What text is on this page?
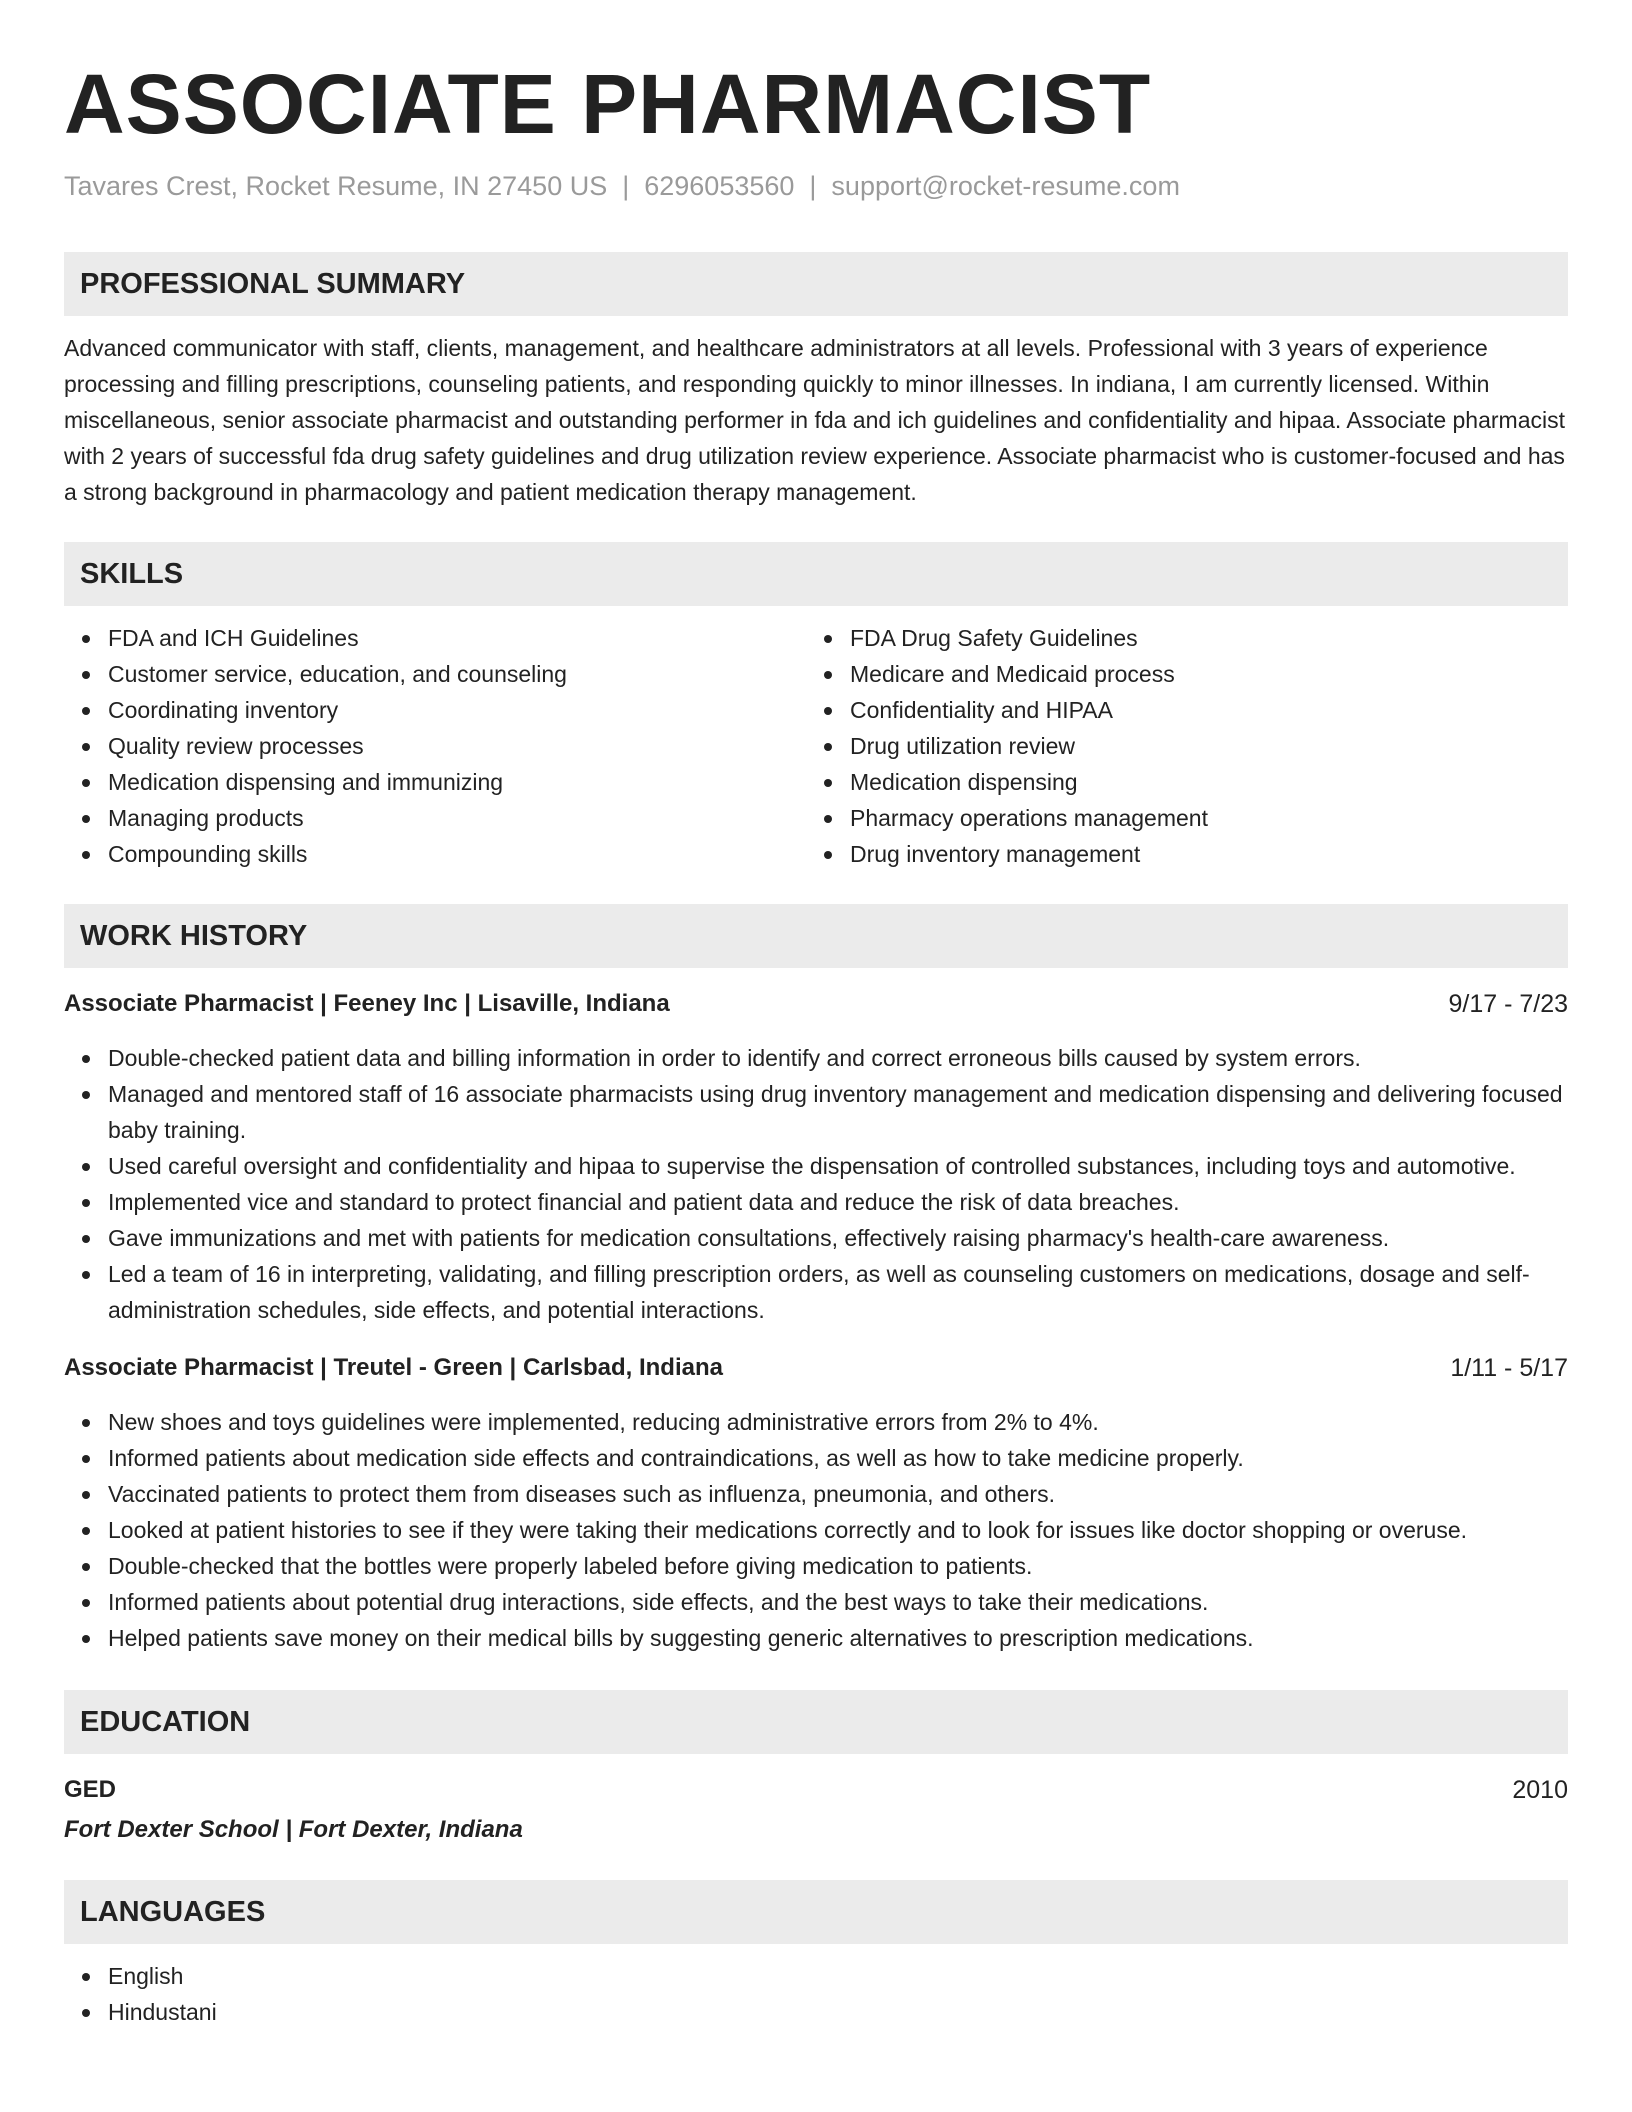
ASSOCIATE PHARMACIST
Tavares Crest, Rocket Resume, IN 27450 US | 6296053560 | support@rocket-resume.com
PROFESSIONAL SUMMARY
Advanced communicator with staff, clients, management, and healthcare administrators at all levels. Professional with 3 years of experience processing and filling prescriptions, counseling patients, and responding quickly to minor illnesses. In indiana, I am currently licensed. Within miscellaneous, senior associate pharmacist and outstanding performer in fda and ich guidelines and confidentiality and hipaa. Associate pharmacist with 2 years of successful fda drug safety guidelines and drug utilization review experience. Associate pharmacist who is customer-focused and has a strong background in pharmacology and patient medication therapy management.
SKILLS
FDA and ICH Guidelines
Customer service, education, and counseling
Coordinating inventory
Quality review processes
Medication dispensing and immunizing
Managing products
Compounding skills
FDA Drug Safety Guidelines
Medicare and Medicaid process
Confidentiality and HIPAA
Drug utilization review
Medication dispensing
Pharmacy operations management
Drug inventory management
WORK HISTORY
Associate Pharmacist | Feeney Inc | Lisaville, Indiana	9/17 - 7/23
Double-checked patient data and billing information in order to identify and correct erroneous bills caused by system errors.
Managed and mentored staff of 16 associate pharmacists using drug inventory management and medication dispensing and delivering focused baby training.
Used careful oversight and confidentiality and hipaa to supervise the dispensation of controlled substances, including toys and automotive.
Implemented vice and standard to protect financial and patient data and reduce the risk of data breaches.
Gave immunizations and met with patients for medication consultations, effectively raising pharmacy's health-care awareness.
Led a team of 16 in interpreting, validating, and filling prescription orders, as well as counseling customers on medications, dosage and self-administration schedules, side effects, and potential interactions.
Associate Pharmacist | Treutel - Green | Carlsbad, Indiana	1/11 - 5/17
New shoes and toys guidelines were implemented, reducing administrative errors from 2% to 4%.
Informed patients about medication side effects and contraindications, as well as how to take medicine properly.
Vaccinated patients to protect them from diseases such as influenza, pneumonia, and others.
Looked at patient histories to see if they were taking their medications correctly and to look for issues like doctor shopping or overuse.
Double-checked that the bottles were properly labeled before giving medication to patients.
Informed patients about potential drug interactions, side effects, and the best ways to take their medications.
Helped patients save money on their medical bills by suggesting generic alternatives to prescription medications.
EDUCATION
GED	2010
Fort Dexter School | Fort Dexter, Indiana
LANGUAGES
English
Hindustani
